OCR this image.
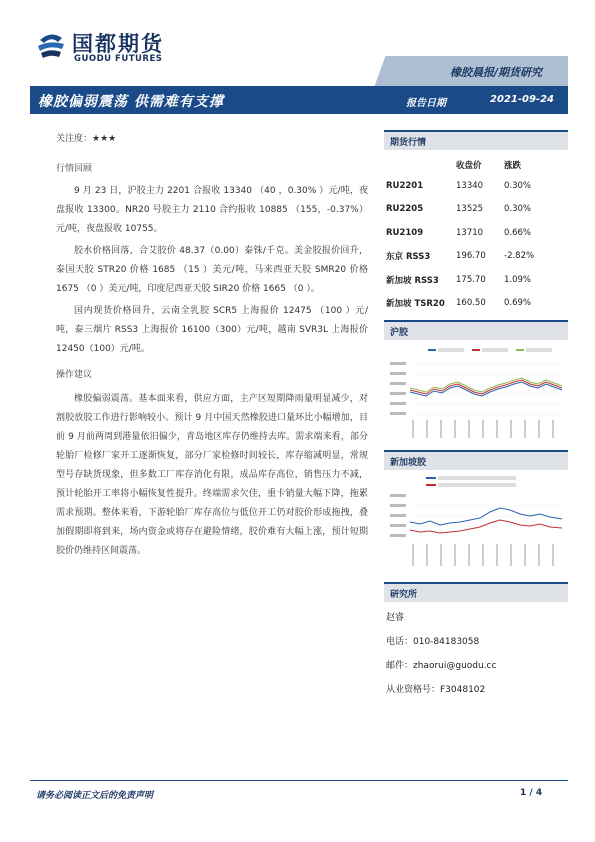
国都期货
GUODU FUTURES
橡胶晨报/期货研究
橡胶偏弱震荡 供需难有支撑	报告日期	2021-09-24
关注度：★★★
行情回顾

9 月 23 日，沪胶主力 2201 合报收 13340 （40 ，0.30% ）元/吨，夜盘报收 13300。NR20 号胶主力 2110 合约报收 10885 （155，-0.37%）元/吨，夜盘报收 10755。

胶水价格回落，合艾胶价 48.37（0.00）泰铢/千克。美金胶报价回升，泰国天胶 STR20 价格 1685 （15 ）美元/吨，马来西亚天胶 SMR20 价格 1675 （0 ）美元/吨，印度尼西亚天胶 SIR20 价格 1665 （0 ）。

国内现货价格回升，云南全乳胶 SCR5 上海报价 12475 （100 ）元/吨，泰三烟片 RSS3 上海报价 16100（300）元/吨，越南 SVR3L 上海报价 12450（100）元/吨。

操作建议

橡胶偏弱震荡。基本面来看，供应方面，主产区短期降雨量明显减少，对割胶放胶工作进行影响较小。预计 9 月中国天然橡胶进口量环比小幅增加，目前 9 月前两周到港量依旧偏少，青岛地区库存仍维持去库。需求端来看，部分轮胎厂检修厂家开工逐渐恢复，部分厂家检修时间较长，库存缩减明显，常规型号存缺货现象，但多数工厂库存消化有限，成品库存高位，销售压力不减，预计轮胎开工率将小幅恢复性提升。终端需求欠佳，重卡销量大幅下降，拖累需求预期。整体来看，下游轮胎厂库存高位与低位开工仍对胶价形成拖拽，叠加假期即将到来，场内资金或将存在避险情绪，胶价难有大幅上涨，预计短期胶价仍维持区间震荡。

期货行情
	收盘价	涨跌
RU2201	13340	0.30%
RU2205	13525	0.30%
RU2109	13710	0.66%
东京 RSS3	196.70	-2.82%
新加坡 RSS3	175.70	1.09%
新加坡 TSR20	160.50	0.69%
沪胶
新加坡胶
研究所
赵睿
电话：010-84183058
邮件：zhaorui@guodu.cc
从业资格号：F3048102
请务必阅读正文后的免责声明	1 / 4
